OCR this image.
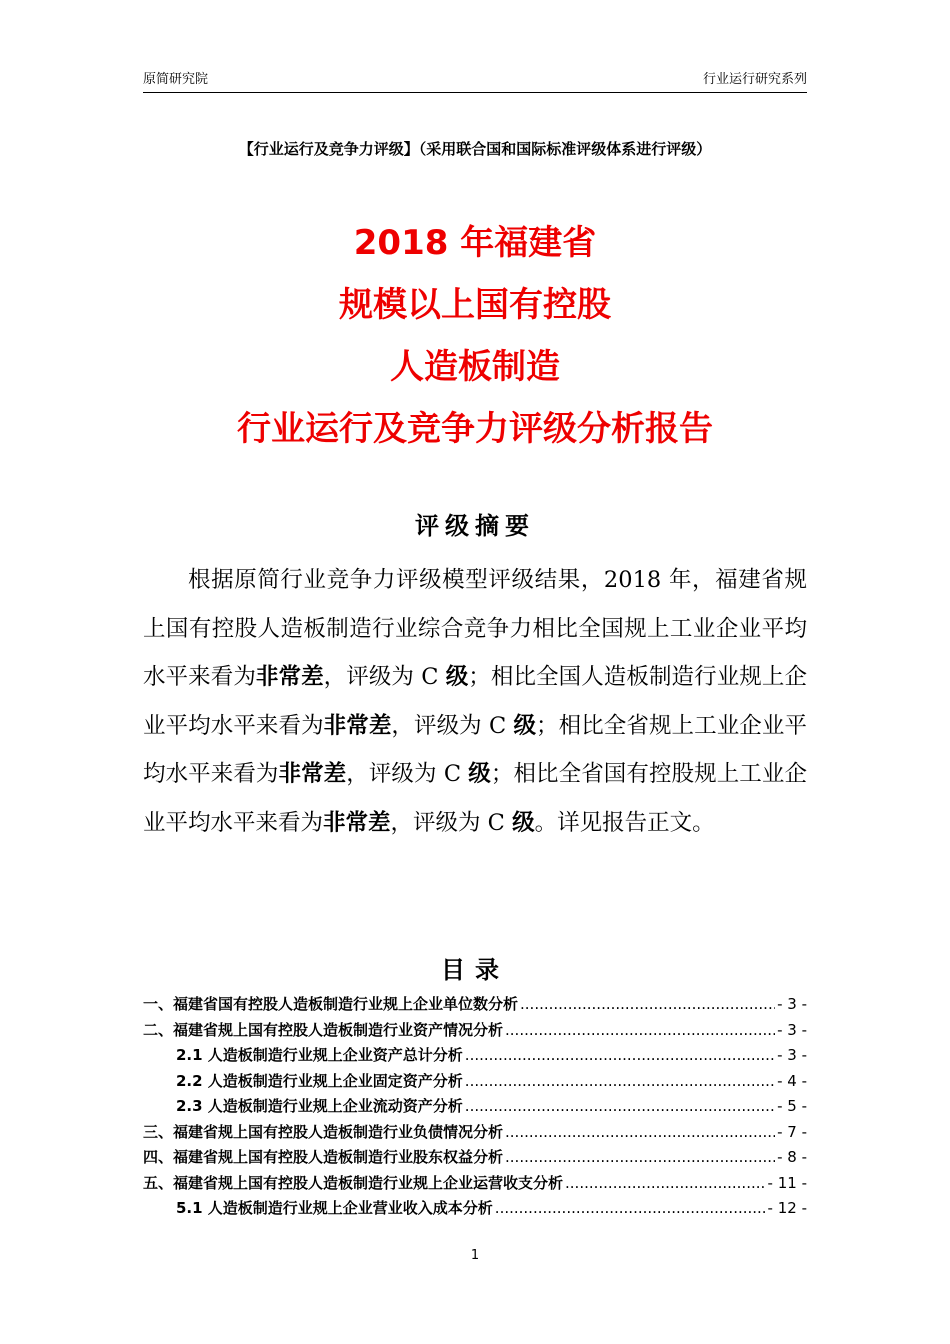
原简研究院	行业运行研究系列
【行业运行及竞争力评级】（采用联合国和国际标准评级体系进行评级）
2018 年福建省
规模以上国有控股
人造板制造
行业运行及竞争力评级分析报告
评级摘要
根据原简行业竞争力评级模型评级结果，2018 年，福建省规上国有控股人造板制造行业综合竞争力相比全国规上工业企业平均水平来看为非常差，评级为 C 级；相比全国人造板制造行业规上企业平均水平来看为非常差，评级为 C 级；相比全省规上工业企业平均水平来看为非常差，评级为 C 级；相比全省国有控股规上工业企业平均水平来看为非常差，评级为 C 级。详见报告正文。
目录
一、福建省国有控股人造板制造行业规上企业单位数分析 .....	- 3 -
二、福建省规上国有控股人造板制造行业资产情况分析 .....	- 3 -
2.1 人造板制造行业规上企业资产总计分析 .....	- 3 -
2.2 人造板制造行业规上企业固定资产分析 .....	- 4 -
2.3 人造板制造行业规上企业流动资产分析 .....	- 5 -
三、福建省规上国有控股人造板制造行业负债情况分析 .....	- 7 -
四、福建省规上国有控股人造板制造行业股东权益分析 .....	- 8 -
五、福建省规上国有控股人造板制造行业规上企业运营收支分析 .....	- 11 -
5.1 人造板制造行业规上企业营业收入成本分析 .....	- 12 -
1
